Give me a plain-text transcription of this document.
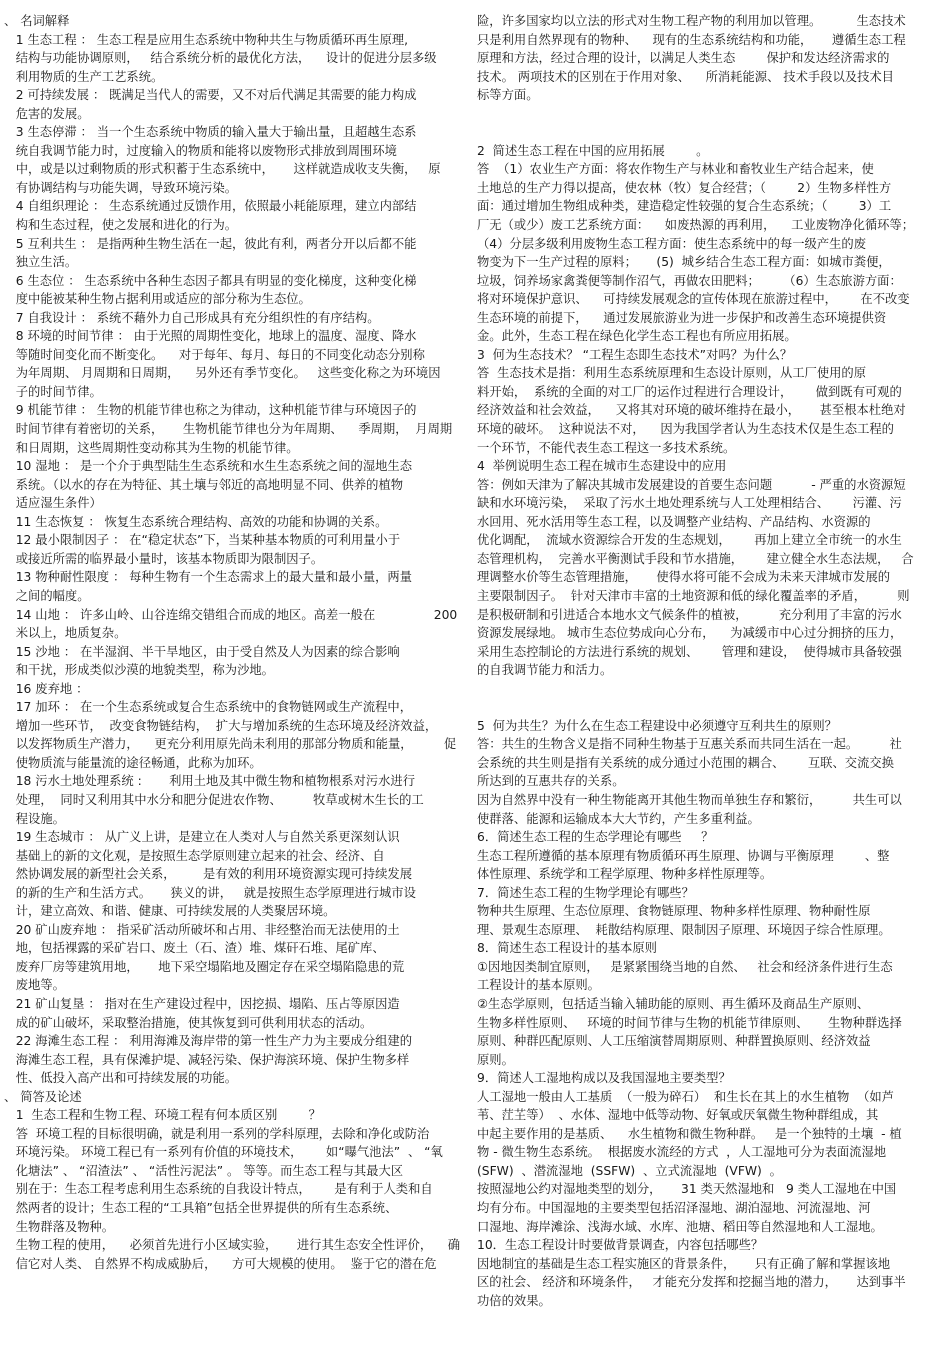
、 名词解释
1 生态工程 ： 生态工程是应用生态系统中物种共生与物质循环再生原理,
结构与功能协调原则，   结合系统分析的最优化方法，    设计的促进分层多级
利用物质的生产工艺系统。
2 可持续发展 ： 既满足当代人的需要，又不对后代满足其需要的能力构成
危害的发展。
3 生态停滞 ： 当一个生态系统中物质的输入量大于输出量，且超越生态系
统自我调节能力时，过度输入的物质和能将以废物形式排放到周围环境
中，或是以过剩物质的形式积蓄于生态系统中，     这样就造成收支失衡，   原
有协调结构与功能失调，导致环境污染。
4 自组织理论 ： 生态系统通过反馈作用，依照最小耗能原理，建立内部结
构和生态过程，使之发展和进化的行为。
5 互利共生 ： 是指两种生物生活在一起，彼此有利，两者分开以后都不能
独立生活。
6 生态位 ： 生态系统中各种生态因子都具有明显的变化梯度，这种变化梯
度中能被某种生物占据利用或适应的部分称为生态位。
7 自我设计 ： 系统不藉外力自己形成具有充分组织性的有序结构。
8 环境的时间节律 ： 由于光照的周期性变化，地球上的温度、湿度、降水
等随时间变化而不断变化。    对于每年、每月、每日的不同变化动态分别称
为年周期、 月周期和日周期，    另外还有季节变化。   这些变化称之为环境因
子的时间节律。
9 机能节律 ： 生物的机能节律也称之为律动，这种机能节律与环境因子的
时间节律有着密切的关系，     生物机能节律也分为年周期、    季周期，  月周期
和日周期，这些周期性变动称其为生物的机能节律。
10 湿地 ： 是一个介于典型陆生生态系统和水生生态系统之间的湿地生态
系统。（以水的存在为特征、其土壤与邻近的高地明显不同、供养的植物
适应湿生条件）
11 生态恢复 ： 恢复生态系统合理结构、高效的功能和协调的关系。
12 最小限制因子 ： 在“稳定状态”下，当某种基本物质的可利用量小于
或接近所需的临界最小量时，该基本物质即为限制因子。
13 物种耐性限度 ： 每种生物有一个生态需求上的最大量和最小量，两量
之间的幅度。
14 山地 ： 许多山岭、山谷连绵交错组合而成的地区。高差一般在               200
米以上，地质复杂。
15 沙地 ： 在半湿润、半干旱地区，由于受自然及人为因素的综合影响
和干扰，形成类似沙漠的地貌类型，称为沙地。
16 废弃地 ：
17 加环 ： 在一个生态系统或复合生态系统中的食物链网或生产流程中，
增加一些环节，  改变食物链结构，  扩大与增加系统的生态环境及经济效益，
以发挥物质生产潜力，    更充分利用原先尚未利用的那部分物质和能量，        促
使物质流与能量流的途径畅通，此称为加环。
18 污水土地处理系统 :       利用土地及其中微生物和植物根系对污水进行
处理，  同时又利用其中水分和肥分促进农作物、        牧草或树木生长的工
程设施。
19 生态城市 ： 从广义上讲，是建立在人类对人与自然关系更深刻认识
基础上的新的文化观，是按照生态学原则建立起来的社会、经济、自
然协调发展的新型社会关系，       是有效的利用环境资源实现可持续发展
的新的生产和生活方式。     狭义的讲，   就是按照生态学原理进行城市设
计，建立高效、和谐、健康、可持续发展的人类聚居环境。
20 矿山废弃地 ： 指采矿活动所破坏和占用、非经整治而无法使用的土
地，包括裸露的采矿岩口、废土（石、渣）堆、煤矸石堆、尾矿库、
废弃厂房等建筑用地，     地下采空塌陷地及圈定存在采空塌陷隐患的荒
废地等。
21 矿山复垦 ： 指对在生产建设过程中，因挖损、塌陷、压占等原因造
成的矿山破坏，采取整治措施，使其恢复到可供利用状态的活动。
22 海滩生态工程 ： 利用海滩及海岸带的第一性生产力为主要成分组建的
海滩生态工程，具有保滩护堤、减轻污染、保护海滨环境、保护生物多样
性、低投入高产出和可持续发展的功能。
、 简答及论述
1  生态工程和生物工程、环境工程有何本质区别        ？
答  环境工程的目标很明确，就是利用一系列的学科原理，去除和净化或防治
环境污染。 环境工程已有一系列有价值的环境技术，      如“曝气池法”  、 “氧
化塘法” 、 “沼渣法” 、 “活性污泥法” 。 等等。而生态工程与其最大区
别在于：生态工程考虑利用生态系统的自我设计特点，      是有利于人类和自
然两者的设计；生态工程的“工具箱”包括全世界提供的所有生态系统、
生物群落及物种。
生物工程的使用，    必须首先进行小区域实验，     进行其生态安全性评价，    确
信它对人类、 自然界不构成威胁后，    方可大规模的使用。  鉴于它的潜在危
险，许多国家均以立法的形式对生物工程产物的利用加以管理。         生态技术
只是利用自然界现有的物种、    现有的生态系统结构和功能，     遵循生态工程
原理和方法，经过合理的设计，以满足人类生态        保护和发达经济需求的
技术。 两项技术的区别在于作用对象、    所消耗能源、 技术手段以及技术目
标等方面。
2  简述生态工程在中国的应用拓展        。
答  （1）农业生产方面：将农作物生产与林业和畜牧业生产结合起来，使
土地总的生产力得以提高，使农林（牧）复合经营；（        2）生物多样性方
面：通过增加生物组成种类，建造稳定性较强的复合生态系统；（        3）工
厂无（或少）废工艺系统方面：    如废热源的再利用，    工业废物净化循环等；
（4）分层多级利用废物生态工程方面：使生态系统中的每一级产生的废
物变为下一生产过程的原料；     (5)  城乡结合生态工程方面：如城市粪便，
垃圾，饲养场家禽粪便等制作沼气，再做农田肥料；      （6）生态旅游方面：
将对环境保护意识、    可持续发展观念的宣传体现在旅游过程中，      在不改变
生态环境的前提下，    通过发展旅游业为进一步保护和改善生态环境提供资
金。此外，生态工程在绿色化学生态工程也有所应用拓展。
3  何为生态技术？ “工程生态即生态技术”对吗？为什么？
答  生态技术是指：利用生态系统原理和生态设计原则，从工厂使用的原
料开始，  系统的全面的对工厂的运作过程进行合理设计，      做到既有可观的
经济效益和社会效益，    又将其对环境的破坏维持在最小，     甚至根本杜绝对
环境的破坏。  这种说法不对，    因为我国学者认为生态技术仅是生态工程的
一个环节，不能代表生态工程这一多技术系统。
4  举例说明生态工程在城市生态建设中的应用
答：例如天津为了解决其城市发展建设的首要生态问题          - 严重的水资源短
缺和水环境污染，  采取了污水土地处理系统与人工处理相结合、      污灌、污
水回用、死水活用等生态工程，以及调整产业结构、产品结构、水资源的
优化调配，  流域水资源综合开发的生态规划，      再加上建立全市统一的水生
态管理机构，  完善水平衡测试手段和节水措施，      建立健全水生态法规，   合
理调整水价等生态管理措施，     使得水将可能不会成为未来天津城市发展的
主要限制因子。  针对天津市丰富的土地资源和低的绿化覆盖率的矛盾，        则
是积极研制和引进适合本地水文气候条件的植被，        充分利用了丰富的污水
资源发展绿地。 城市生态位势成向心分布，    为减缓市中心过分拥挤的压力，
采用生态控制论的方法进行系统的规划、      管理和建设，  使得城市具备较强
的自我调节能力和活力。
5  何为共生？为什么在生态工程建设中必须遵守互利共生的原则？
答：共生的生物含义是指不同种生物基于互惠关系而共同生活在一起。        社
会系统的共生则是指有关系统的成分通过小范围的耦合、      互联、交流交换
所达到的互惠共存的关系。
因为自然界中没有一种生物能离开其他生物而单独生存和繁衍，        共生可以
使群落、能源和运输成本大大节约，产生多重利益。
6．简述生态工程的生态学理论有哪些     ？
生态工程所遵循的基本原理有物质循环再生原理、协调与平衡原理        、整
体性原理、系统学和工程学原理、物种多样性原理等。
7．简述生态工程的生物学理论有哪些？
物种共生原理、生态位原理、食物链原理、物种多样性原理、物种耐性原
理、景观生态原理、  耗散结构原理、限制因子原理、环境因子综合性原理。
8．简述生态工程设计的基本原则
①因地因类制宜原则，   是紧紧围绕当地的自然、   社会和经济条件进行生态
工程设计的基本原则。
②生态学原则，包括适当输入辅助能的原则、再生循环及商品生产原则、
生物多样性原则、   环境的时间节律与生物的机能节律原则、     生物种群选择
原则、种群匹配原则、人工压缩演替周期原则、种群置换原则、经济效益
原则。
9．简述人工湿地构成以及我国湿地主要类型？
人工湿地一般由人工基质  （一般为碎石）  和生长在其上的水生植物  （如芦
苇、茳芏等）  、水体、湿地中低等动物、好氧或厌氧微生物种群组成，其
中起主要作用的是基质、    水生植物和微生物种群。   是一个独特的土壤  - 植
物 - 微生物生态系统。  根据废水流经的方式  ，人工湿地可分为表面流湿地
(SFW)  、潜流湿地  (SSFW)  、立式流湿地  (VFW)  。
按照湿地公约对湿地类型的划分，     31 类天然湿地和   9 类人工湿地在中国
均有分布。中国湿地的主要类型包括沼泽湿地、湖泊湿地、河流湿地、河
口湿地、海岸滩涂、浅海水域、水库、池塘、稻田等自然湿地和人工湿地。
10．生态工程设计时要做背景调查，内容包括哪些？
因地制宜的基础是生态工程实施区的背景条件，     只有正确了解和掌握该地
区的社会、 经济和环境条件，   才能充分发挥和挖掘当地的潜力，     达到事半
功倍的效果。
